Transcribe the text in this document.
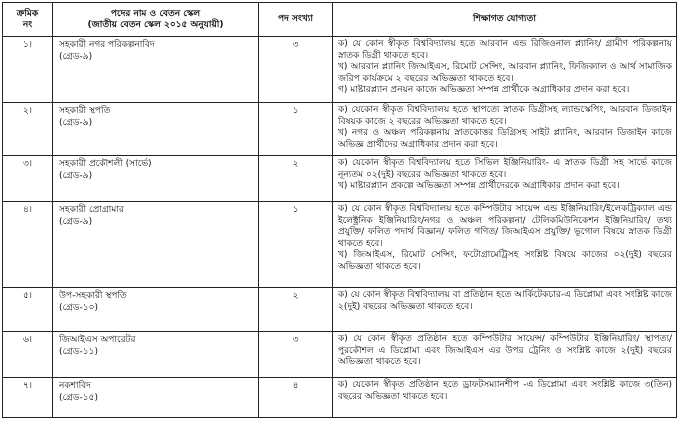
ক্রমিক
নং	পদের নাম ও বেতন স্কেল
(জাতীয় বেতন স্কেল ২০১৫ অনুযায়ী)	পদ সংখ্যা	শিক্ষাগত যোগ্যতা
১।	সহকারী নগর পরিকল্পনাবিদ
(গ্রেড-৯)	৩	ক) যে কোন স্বীকৃত বিশ্ববিদ্যালয় হতে আরবান এন্ড রিজিওনাল প্ল্যানিং/ গ্রামীণ পরিকল্পনায় স্নাতক ডিগ্রী থাকতে হবে।
খ) আরবান প্ল্যানিং জিআইএস, রিমোট সেন্সিং, আরবান প্ল্যানিং, ফিজিক্যাল ও আর্থ সামাজিক জরিপ কার্যক্রমে ২ বছরের অভিজ্ঞতা থাকতে হবে।
গ) মাষ্টারপ্ল্যান প্রনয়ন কাজে অভিজ্ঞতা সম্পন্ন প্রার্থীকে অগ্রাধিকার প্রদান করা হবে।

২।	সহকারী স্থপতি
(গ্রেড-৯)	১	ক) যেকোন স্বীকৃত বিশ্ববিদ্যালয় হতে স্থাপত্যে স্নাতক ডিগ্রীসহ ল্যান্ডস্কেপিং, আরবান ডিজাইন বিষয়ক কাজে ২ বছরের অভিজ্ঞতা থাকতে হবে।
খ) নগর ও অঞ্চল পরিকল্পনায় স্নাতকোত্তর ডিগ্রিসহ সাইট প্ল্যানিং, আরবান ডিজাইন কাজে অভিজ্ঞ প্রার্থীদের অগ্রাধিকার প্রদান করা হবে।

৩।	সহকারী প্রকৌশলী (সার্ভে)
(গ্রেড-৯)	২	ক) যেকোন স্বীকৃত বিশ্ববিদ্যালয় হতে সিভিল ইঞ্জিনিয়ারিং- এ স্নাতক ডিগ্রী সহ সার্ভে কাজে নূন্যতম ০২(দুই) বছরের অভিজ্ঞতা থাকতে হবে।
খ) মাষ্টারপ্ল্যান প্রকল্পে অভিজ্ঞতা সম্পন্ন প্রার্থীদেরকে অগ্রাধিকার প্রদান করা হবে।

৪।	সহকারী প্রোগ্রামার
(গ্রেড-৯)	১	ক) যে কোন স্বীকৃত বিশ্ববিদ্যালয় হতে কম্পিউটার সায়েন্স এন্ড ইঞ্জিনিয়ারিং/ইলেকট্রিক্যাল এন্ড ইলেক্ট্রনিক ইঞ্জিনিয়ারিং/নগর ও অঞ্চল পরিকল্পনা/ টেলিকমিউনিকেশন ইঞ্জিনিয়ারিং/ তথ্য প্রযুক্তি/ ফলিত পদার্থ বিজ্ঞান/ ফলিত গণিত/ জিআইএস প্রযুক্তি/ ভূগোল বিষয়ে স্নাতক ডিগ্রী থাকতে হবে।
খ) জিআইএস, রিমোট সেন্সিং, ফটোগ্রামেট্রিসহ সংশ্লিষ্ট বিষয়ে কাজের ০২(দুই) বছরের অভিজ্ঞতা থাকতে হবে।

৫।	উপ-সহকারী স্থপতি
(গ্রেড-১০)	২	ক) যে কোন স্বীকৃত বিশ্ববিদ্যালয় বা প্রতিষ্ঠান হতে আর্কিটেকচার-এ ডিপ্লোমা এবং সংশ্লিষ্ট কাজে ২(দুই) বছরের অভিজ্ঞতা থাকতে হবে।

৬।	জিআইএস অপারেটর
(গ্রেড-১১)	৩	ক) যে কোন স্বীকৃত প্রতিষ্ঠান হতে কম্পিউটার সায়েন্স/ কম্পিউটার ইঞ্জিনিয়ারিং/ স্থাপত্য/ পুরকৌশল এ ডিপ্লোমা এবং জিআইএস এর উপর ট্রেনিং ও সংশ্লিষ্ট কাজে ২(দুই) বছরের অভিজ্ঞতা থাকতে হবে।

৭।	নকশাবিদ
(গ্রেড-১৫)	৪	ক) যেকোন স্বীকৃত প্রতিষ্ঠান হতে ড্রাফটসম্যানশীপ -এ ডিপ্লোমা এবং সংশ্লিষ্ট কাজে ৩(তিন) বছরের অভিজ্ঞতা থাকতে হবে।
